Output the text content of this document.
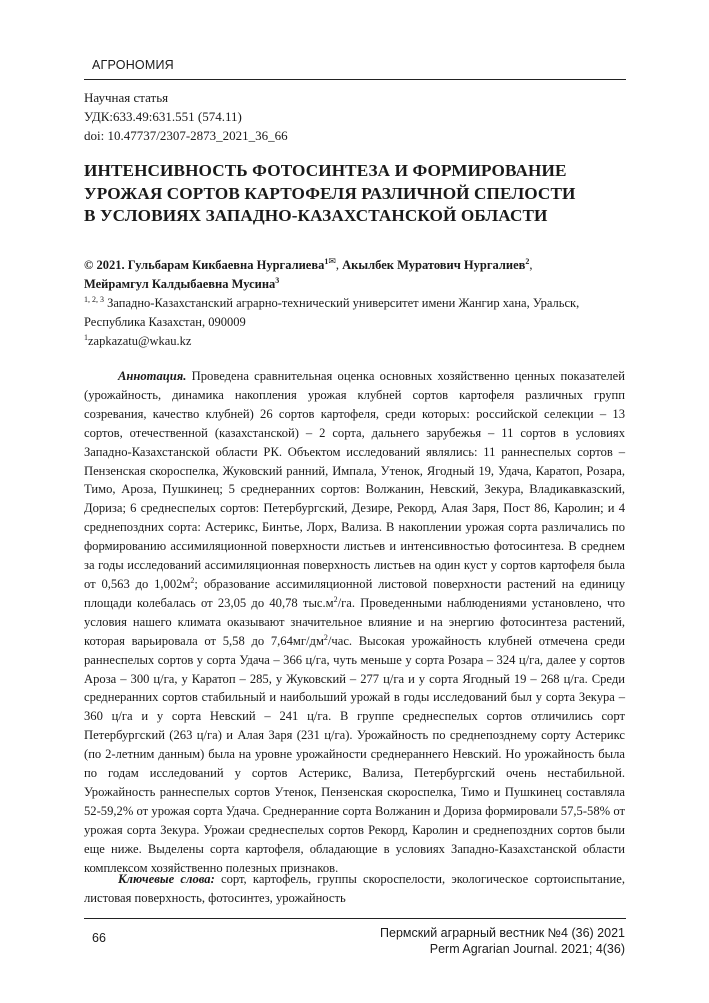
АГРОНОМИЯ
Научная статья
УДК:633.49:631.551 (574.11)
doi: 10.47737/2307-2873_2021_36_66
ИНТЕНСИВНОСТЬ ФОТОСИНТЕЗА И ФОРМИРОВАНИЕ
УРОЖАЯ СОРТОВ КАРТОФЕЛЯ РАЗЛИЧНОЙ СПЕЛОСТИ
В УСЛОВИЯХ ЗАПАДНО-КАЗАХСТАНСКОЙ ОБЛАСТИ
© 2021. Гульбарам Кикбаевна Нургалиева$^{1✉}$, Акылбек Муратович Нургалиев$^2$,
Мейрамгул Калдыбаевна Мусина$^3$
$^{1, 2, 3}$ Западно-Казахстанский аграрно-технический университет имени Жангир хана, Уральск,
Республика Казахстан, 090009
$^1$zapkazatu@wkau.kz
Аннотация. Проведена сравнительная оценка основных хозяйственно ценных показателей (урожайность, динамика накопления урожая клубней сортов картофеля различных групп созревания, качество клубней) 26 сортов картофеля, среди которых: российской селекции – 13 сортов, отечественной (казахстанской) – 2 сорта, дальнего зарубежья – 11 сортов в условиях Западно-Казахстанской области РК. Объектом исследований являлись: 11 раннеспелых сортов – Пензенская скороспелка, Жуковский ранний, Импала, Утенок, Ягодный 19, Удача, Каратоп, Розара, Тимо, Ароза, Пушкинец; 5 среднеранних сортов: Волжанин, Невский, Зекура, Владикавказский, Дориза; 6 среднеспелых сортов: Петербургский, Дезире, Рекорд, Алая Заря, Пост 86, Каролин; и 4 среднепоздних сорта: Астерикс, Бинтье, Лорх, Вализа. В накоплении урожая сорта различались по формированию ассимиляционной поверхности листьев и интенсивностью фотосинтеза. В среднем за годы исследований ассимиляционная поверхность листьев на один куст у сортов картофеля была от 0,563 до $1,002м^2$; образование ассимиляционной листовой поверхности растений на единицу площади колебалась от 23,05 до 40,78 $тыс.м^2/га$. Проведенными наблюдениями установлено, что условия нашего климата оказывают значительное влияние и на энергию фотосинтеза растений, которая варьировала от 5,58 до $7,64мг/дм^2$/час. Высокая урожайность клубней отмечена среди раннеспелых сортов у сорта Удача – 366 ц/га, чуть меньше у сорта Розара – 324 ц/га, далее у сортов Ароза – 300 ц/га, у Каратоп – 285, у Жуковский – 277 ц/га и у сорта Ягодный 19 – 268 ц/га. Среди среднеранних сортов стабильный и наибольший урожай в годы исследований был у сорта Зекура – 360 ц/га и у сорта Невский – 241 ц/га. В группе среднеспелых сортов отличились сорт Петербургский (263 ц/га) и Алая Заря (231 ц/га). Урожайность по среднепозднему сорту Астерикс (по 2-летним данным) была на уровне урожайности среднераннего Невский. Но урожайность была по годам исследований у сортов Астерикс, Вализа, Петербургский очень нестабильной. Урожайность раннеспелых сортов Утенок, Пензенская скороспелка, Тимо и Пушкинец составляла 52-59,2% от урожая сорта Удача. Среднеранние сорта Волжанин и Дориза формировали 57,5-58% от урожая сорта Зекура. Урожаи среднеспелых сортов Рекорд, Каролин и среднепоздних сортов были еще ниже. Выделены сорта картофеля, обладающие в условиях Западно-Казахстанской области комплексом хозяйственно полезных признаков.
Ключевые слова: сорт, картофель, группы скороспелости, экологическое сортоиспытание, листовая поверхность, фотосинтез, урожайность
66	Пермский аграрный вестник №4 (36) 2021
Perm Agrarian Journal. 2021; 4(36)
